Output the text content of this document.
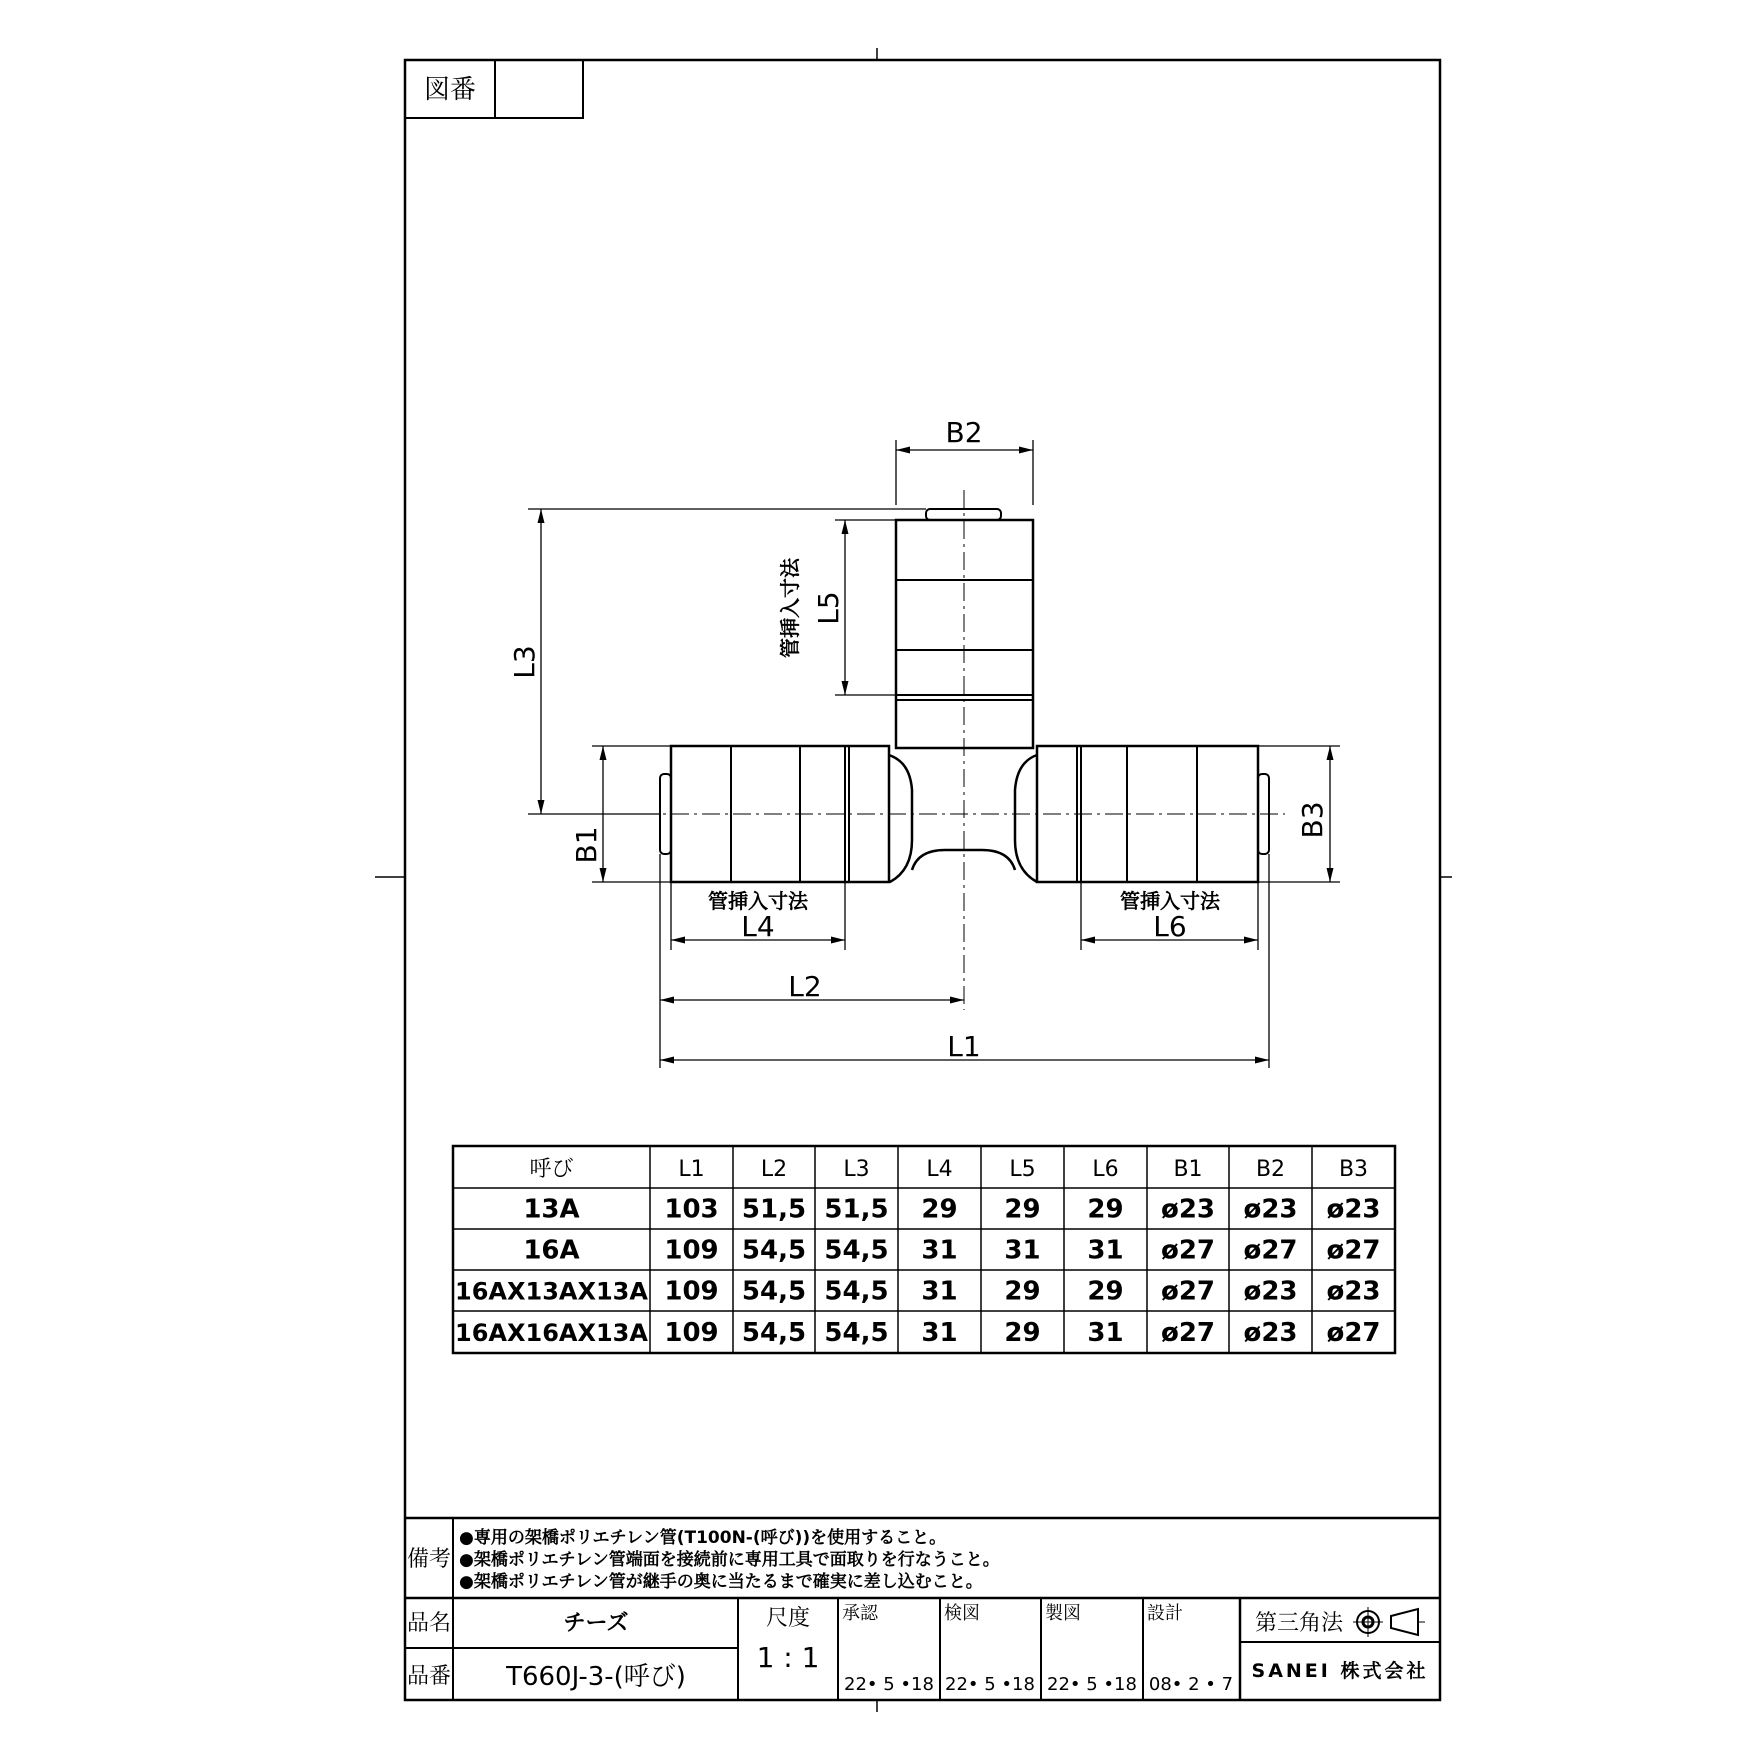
図番
B2
L5
管挿入寸法
L3
B1
B3
管挿入寸法
L4
管挿入寸法
L6
L2
L1
呼び	L1	L2	L3	L4	L5	L6 B1 B2 B3
13A	103 51,5 51,5 29 29 29 ø23 ø23 ø23
16A	109 54,5 54,5 31 31 31 ø27 ø27 ø27
16AX13AX13A 109 54,5 54,5 31 29 29 ø27 ø23 ø23
16AX16AX13A 109 54,5 54,5 31 29 31 ø27 ø23 ø27
備考
●専用の架橋ポリエチレン管(T100N-(呼び))を使用すること。
●架橋ポリエチレン管端面を接続前に専用工具で面取りを行なうこと。
●架橋ポリエチレン管が継手の奥に当たるまで確実に差し込むこと。
品名	チーズ
品番 T660J-3-(呼び)
尺度
1 : 1
承認
22• 5 •18
検図
22• 5 •18
製図
22• 5 •18
設計
08• 2 • 7
第三角法
SANEI 株式会社
